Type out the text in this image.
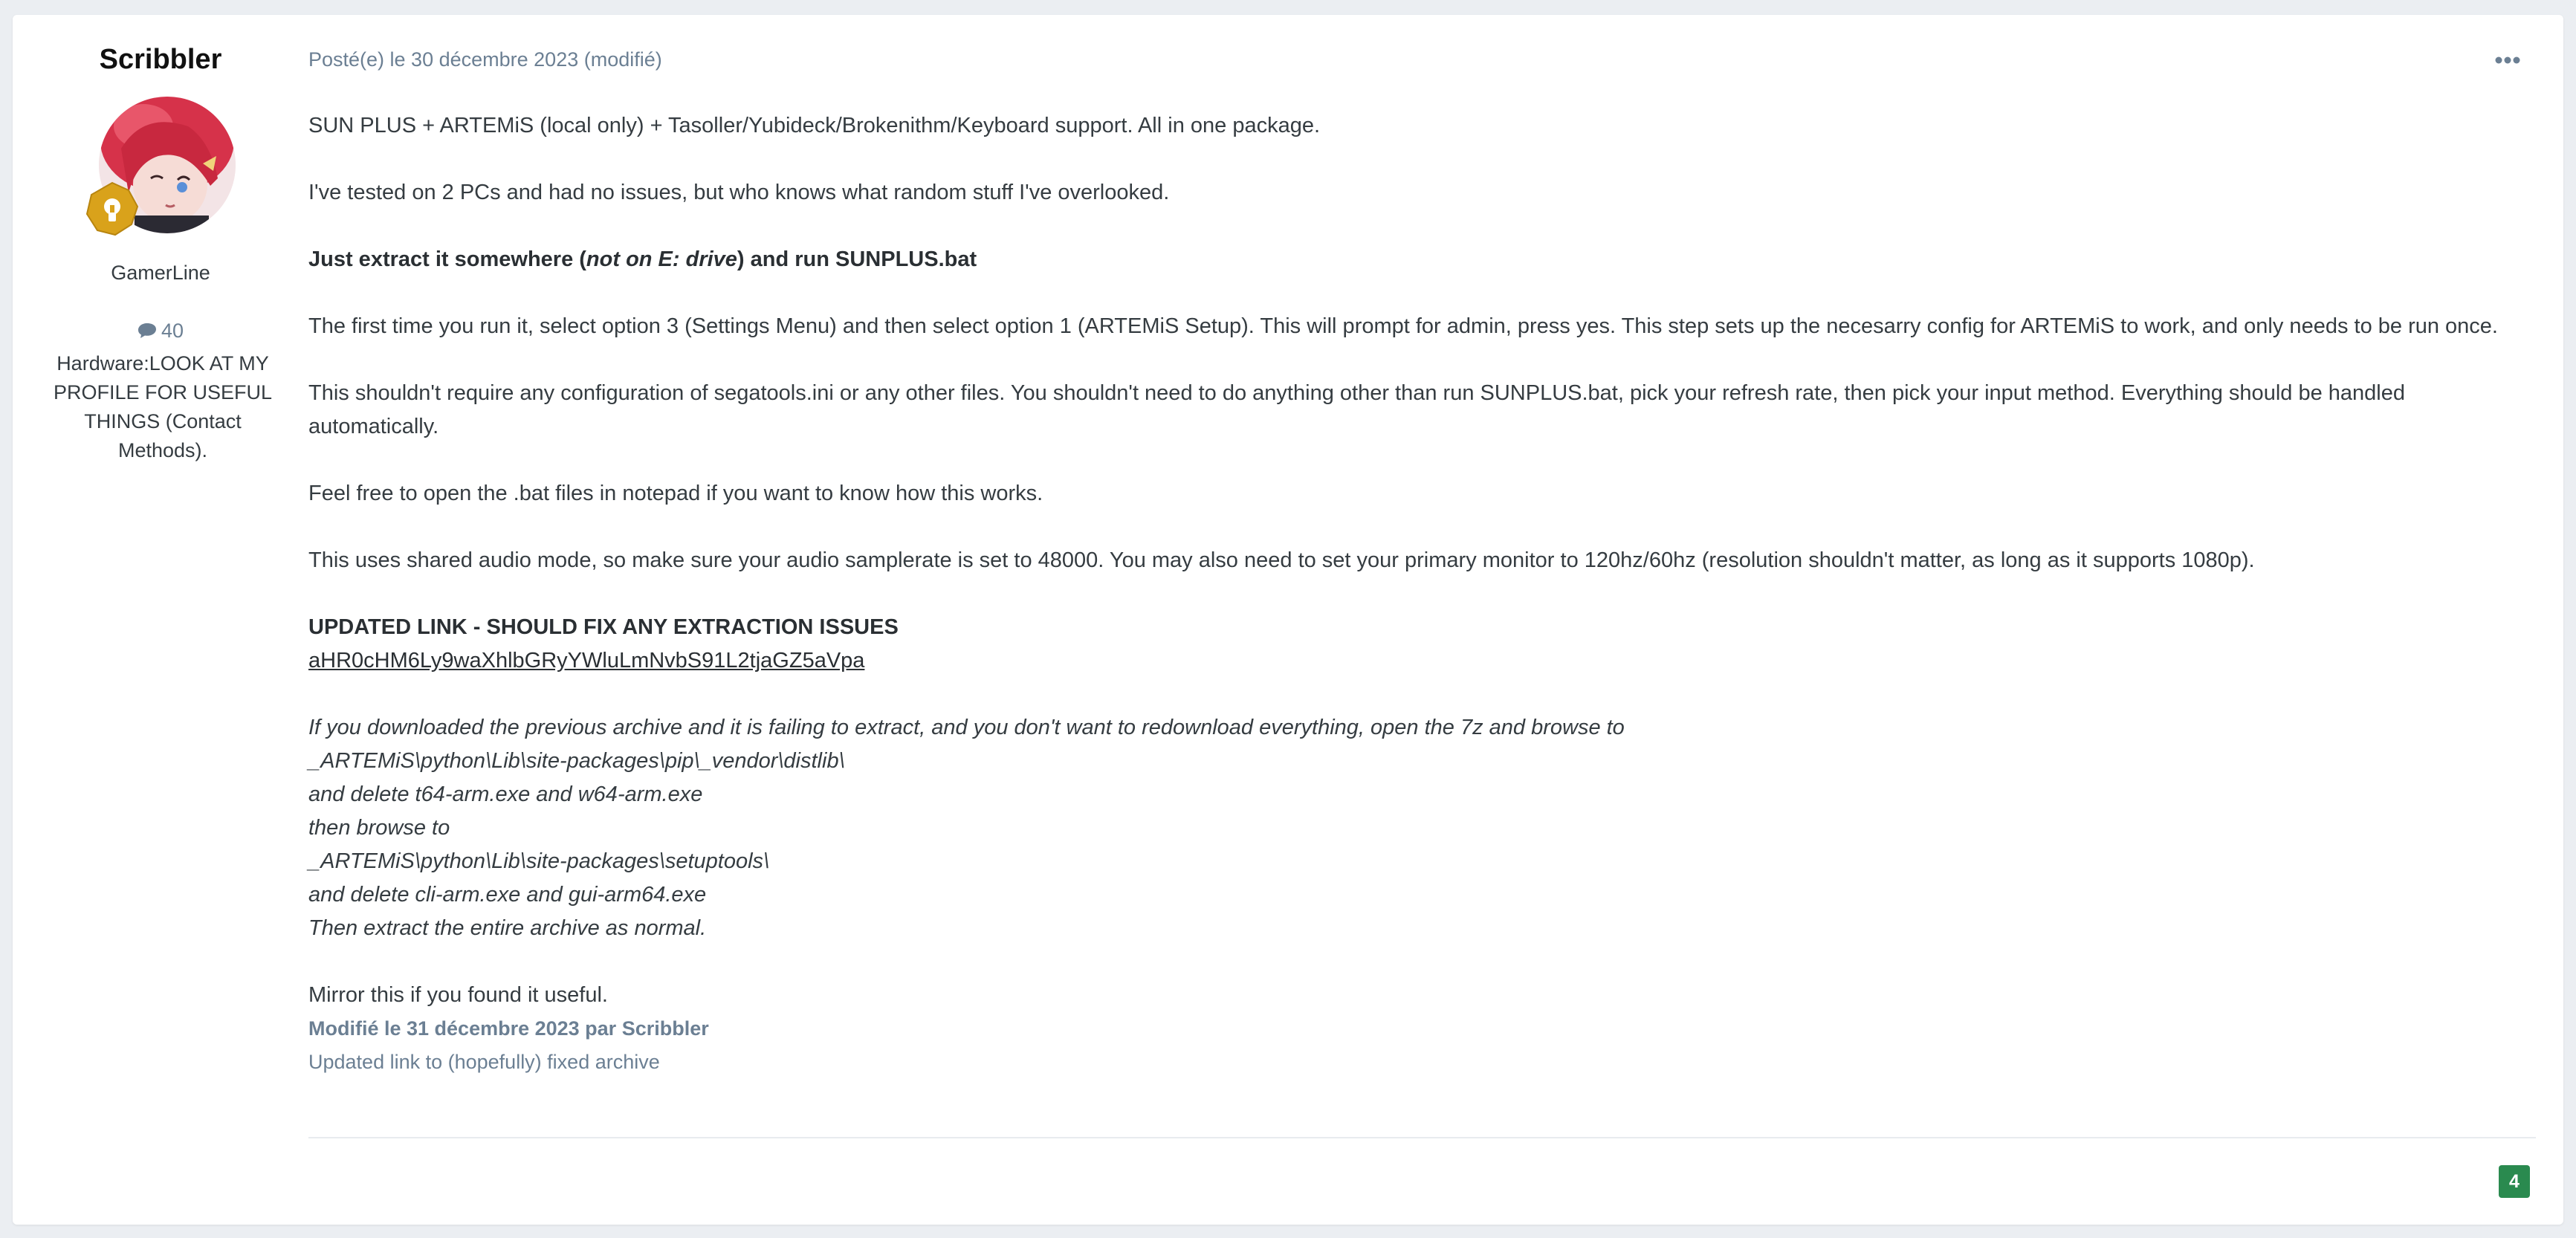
Scribbler
GamerLine
40
Hardware:LOOK AT MY PROFILE FOR USEFUL THINGS (Contact Methods).
Posté(e) le 30 décembre 2023 (modifié)

SUN PLUS + ARTEMiS (local only) + Tasoller/Yubideck/Brokenithm/Keyboard support. All in one package.

I've tested on 2 PCs and had no issues, but who knows what random stuff I've overlooked.

Just extract it somewhere (not on E: drive) and run SUNPLUS.bat

The first time you run it, select option 3 (Settings Menu) and then select option 1 (ARTEMiS Setup). This will prompt for admin, press yes. This step sets up the necesarry config for ARTEMiS to work, and only needs to be run once.

This shouldn't require any configuration of segatools.ini or any other files. You shouldn't need to do anything other than run SUNPLUS.bat, pick your refresh rate, then pick your input method. Everything should be handled automatically.

Feel free to open the .bat files in notepad if you want to know how this works.

This uses shared audio mode, so make sure your audio samplerate is set to 48000. You may also need to set your primary monitor to 120hz/60hz (resolution shouldn't matter, as long as it supports 1080p).

UPDATED LINK - SHOULD FIX ANY EXTRACTION ISSUES

aHR0cHM6Ly9waXhlbGRyYWluLmNvbS91L2tjaGZ5aVpa

If you downloaded the previous archive and it is failing to extract, and you don't want to redownload everything, open the 7z and browse to
_ARTEMiS\python\Lib\site-packages\pip\_vendor\distlib\
and delete t64-arm.exe and w64-arm.exe
then browse to
_ARTEMiS\python\Lib\site-packages\setuptools\
and delete cli-arm.exe and gui-arm64.exe
Then extract the entire archive as normal.

Mirror this if you found it useful.

Modifié le 31 décembre 2023 par Scribbler
Updated link to (hopefully) fixed archive
4
